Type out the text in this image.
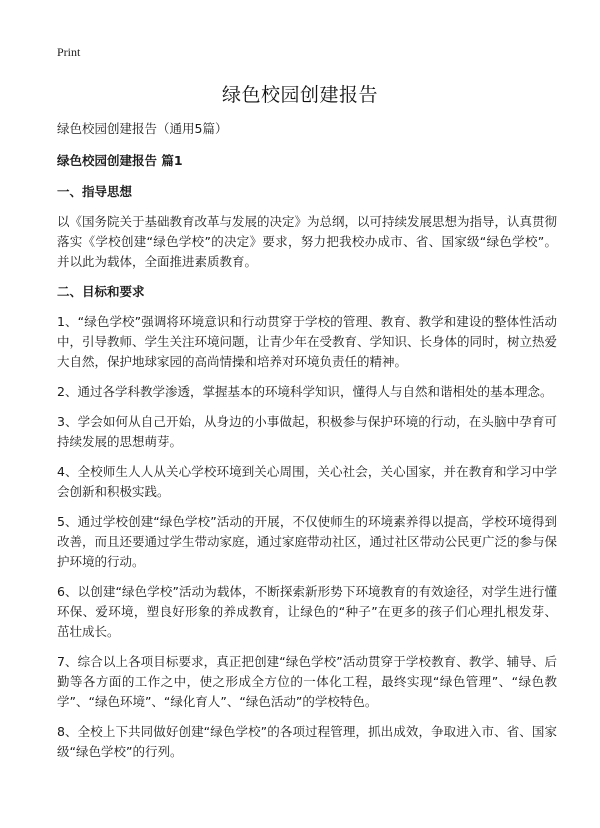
Print
绿色校园创建报告

绿色校园创建报告（通用5篇）

绿色校园创建报告 篇1

一、指导思想

以《国务院关于基础教育改革与发展的决定》为总纲，以可持续发展思想为指导，认真贯彻落实《学校创建“绿色学校”的决定》要求，努力把我校办成市、省、国家级“绿色学校”。并以此为载体，全面推进素质教育。

二、目标和要求

1、“绿色学校”强调将环境意识和行动贯穿于学校的管理、教育、教学和建设的整体性活动中，引导教师、学生关注环境问题，让青少年在受教育、学知识、长身体的同时，树立热爱大自然，保护地球家园的高尚情操和培养对环境负责任的精神。

2、通过各学科教学渗透，掌握基本的环境科学知识，懂得人与自然和谐相处的基本理念。

3、学会如何从自己开始，从身边的小事做起，积极参与保护环境的行动，在头脑中孕育可持续发展的思想萌芽。

4、全校师生人人从关心学校环境到关心周围，关心社会，关心国家，并在教育和学习中学会创新和积极实践。

5、通过学校创建“绿色学校”活动的开展，不仅使师生的环境素养得以提高，学校环境得到改善，而且还要通过学生带动家庭，通过家庭带动社区，通过社区带动公民更广泛的参与保护环境的行动。

6、以创建“绿色学校”活动为载体，不断探索新形势下环境教育的有效途径，对学生进行懂环保、爱环境，塑良好形象的养成教育，让绿色的“种子”在更多的孩子们心理扎根发芽、茁壮成长。

7、综合以上各项目标要求，真正把创建“绿色学校”活动贯穿于学校教育、教学、辅导、后勤等各方面的工作之中，使之形成全方位的一体化工程，最终实现“绿色管理”、“绿色教学”、“绿色环境”、“绿化育人”、“绿色活动”的学校特色。

8、全校上下共同做好创建“绿色学校”的各项过程管理，抓出成效，争取进入市、省、国家级“绿色学校”的行列。
